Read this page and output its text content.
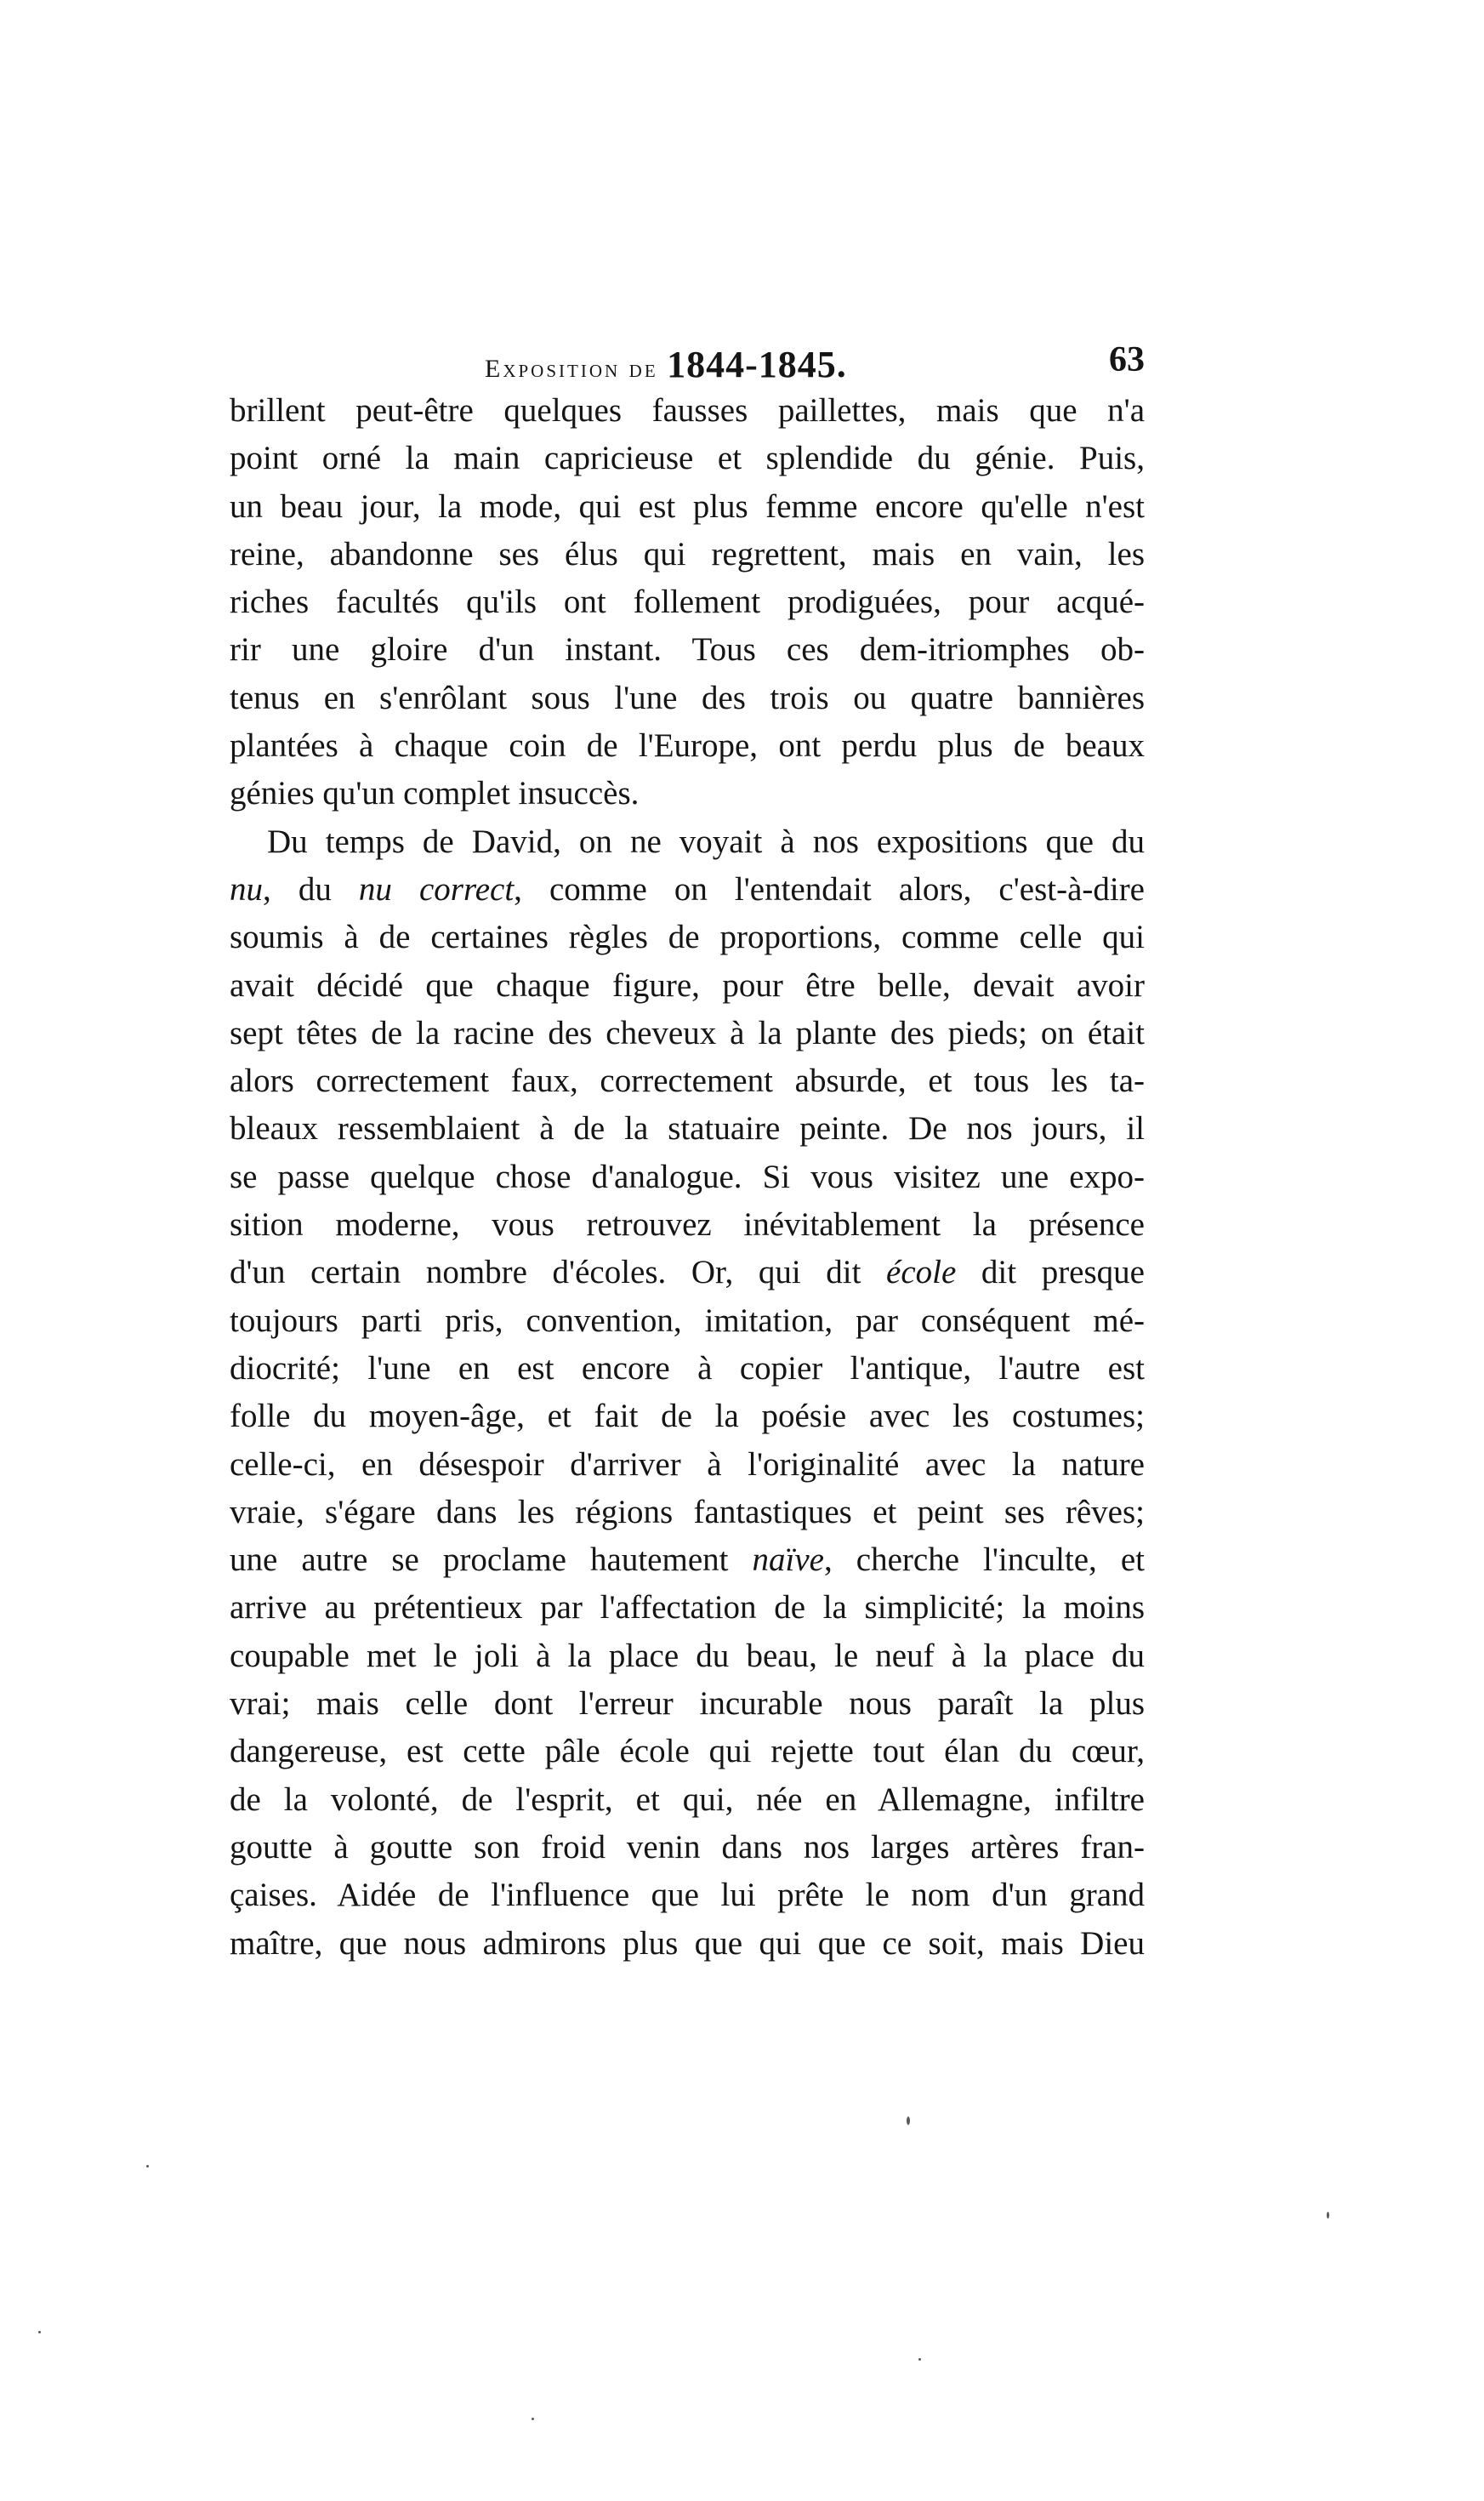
Exposition de 1844-1845.	63
brillent peut-être quelques fausses paillettes, mais que n'a
point orné la main capricieuse et splendide du génie. Puis,
un beau jour, la mode, qui est plus femme encore qu'elle n'est
reine, abandonne ses élus qui regrettent, mais en vain, les
riches facultés qu'ils ont follement prodiguées, pour acqué-
rir une gloire d'un instant. Tous ces dem-itriomphes ob-
tenus en s'enrôlant sous l'une des trois ou quatre bannières
plantées à chaque coin de l'Europe, ont perdu plus de beaux
génies qu'un complet insuccès.
Du temps de David, on ne voyait à nos expositions que du
nu, du nu correct, comme on l'entendait alors, c'est-à-dire
soumis à de certaines règles de proportions, comme celle qui
avait décidé que chaque figure, pour être belle, devait avoir
sept têtes de la racine des cheveux à la plante des pieds; on était
alors correctement faux, correctement absurde, et tous les ta-
bleaux ressemblaient à de la statuaire peinte. De nos jours, il
se passe quelque chose d'analogue. Si vous visitez une expo-
sition moderne, vous retrouvez inévitablement la présence
d'un certain nombre d'écoles. Or, qui dit école dit presque
toujours parti pris, convention, imitation, par conséquent mé-
diocrité; l'une en est encore à copier l'antique, l'autre est
folle du moyen-âge, et fait de la poésie avec les costumes;
celle-ci, en désespoir d'arriver à l'originalité avec la nature
vraie, s'égare dans les régions fantastiques et peint ses rêves;
une autre se proclame hautement naïve, cherche l'inculte, et
arrive au prétentieux par l'affectation de la simplicité; la moins
coupable met le joli à la place du beau, le neuf à la place du
vrai; mais celle dont l'erreur incurable nous paraît la plus
dangereuse, est cette pâle école qui rejette tout élan du cœur,
de la volonté, de l'esprit, et qui, née en Allemagne, infiltre
goutte à goutte son froid venin dans nos larges artères fran-
çaises. Aidée de l'influence que lui prête le nom d'un grand
maître, que nous admirons plus que qui que ce soit, mais Dieu
